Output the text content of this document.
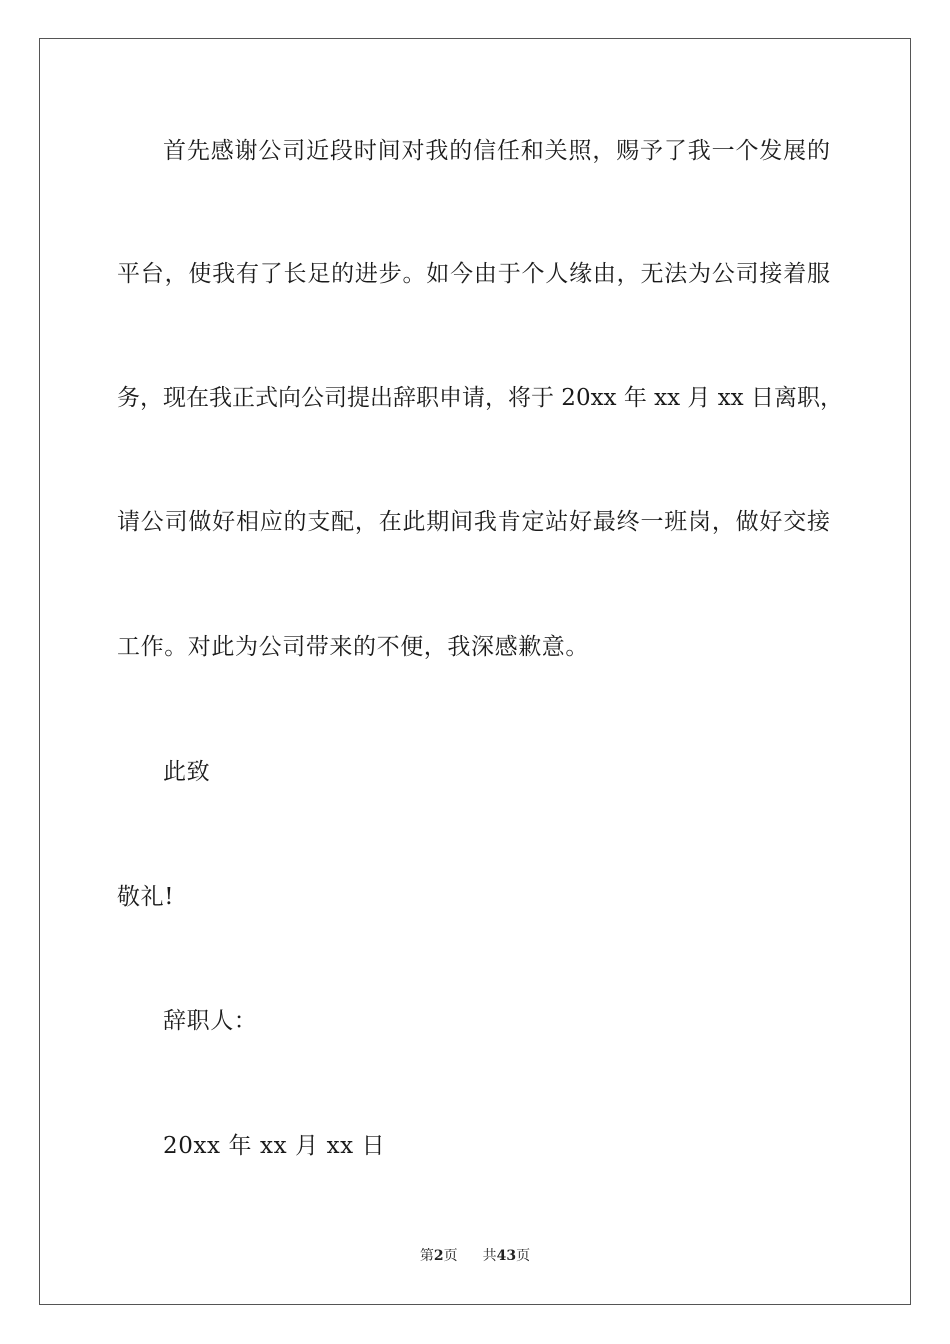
首先感谢公司近段时间对我的信任和关照，赐予了我一个发展的
平台，使我有了长足的进步。如今由于个人缘由，无法为公司接着服
务，现在我正式向公司提出辞职申请，将于 20xx 年 xx 月 xx 日离职，
请公司做好相应的支配，在此期间我肯定站好最终一班岗，做好交接
工作。对此为公司带来的不便，我深感歉意。
此致
敬礼!
辞职人：
20xx 年 xx 月 xx 日
第2页 共43页
